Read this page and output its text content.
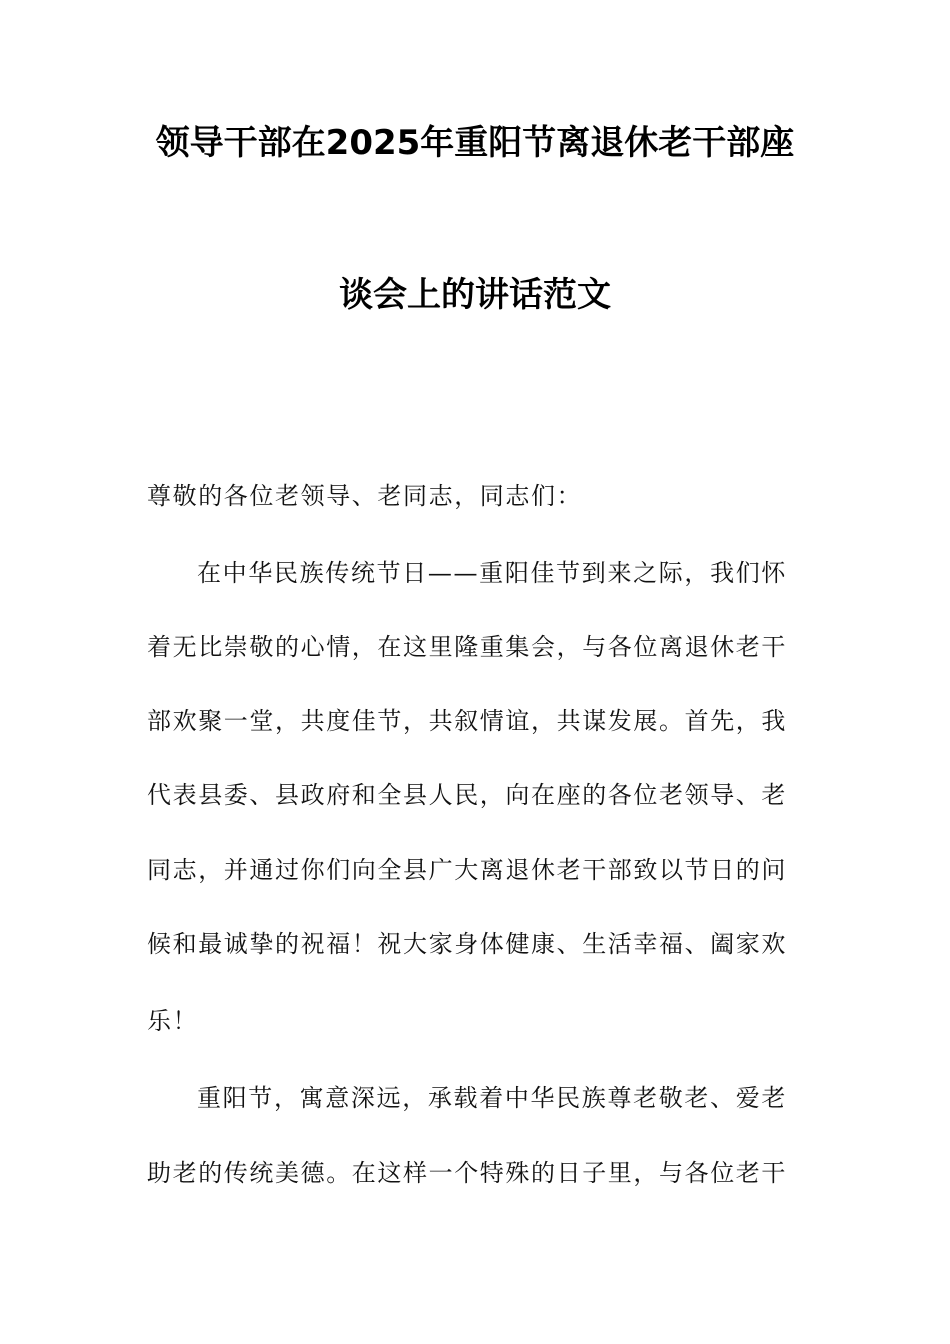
领导干部在2025年重阳节离退休老干部座
谈会上的讲话范文
尊敬的各位老领导、老同志，同志们：
在中华民族传统节日——重阳佳节到来之际，我们怀
着无比崇敬的心情，在这里隆重集会，与各位离退休老干
部欢聚一堂，共度佳节，共叙情谊，共谋发展。首先，我
代表县委、县政府和全县人民，向在座的各位老领导、老
同志，并通过你们向全县广大离退休老干部致以节日的问
候和最诚挚的祝福！祝大家身体健康、生活幸福、阖家欢
乐！
重阳节，寓意深远，承载着中华民族尊老敬老、爱老
助老的传统美德。在这样一个特殊的日子里，与各位老干
